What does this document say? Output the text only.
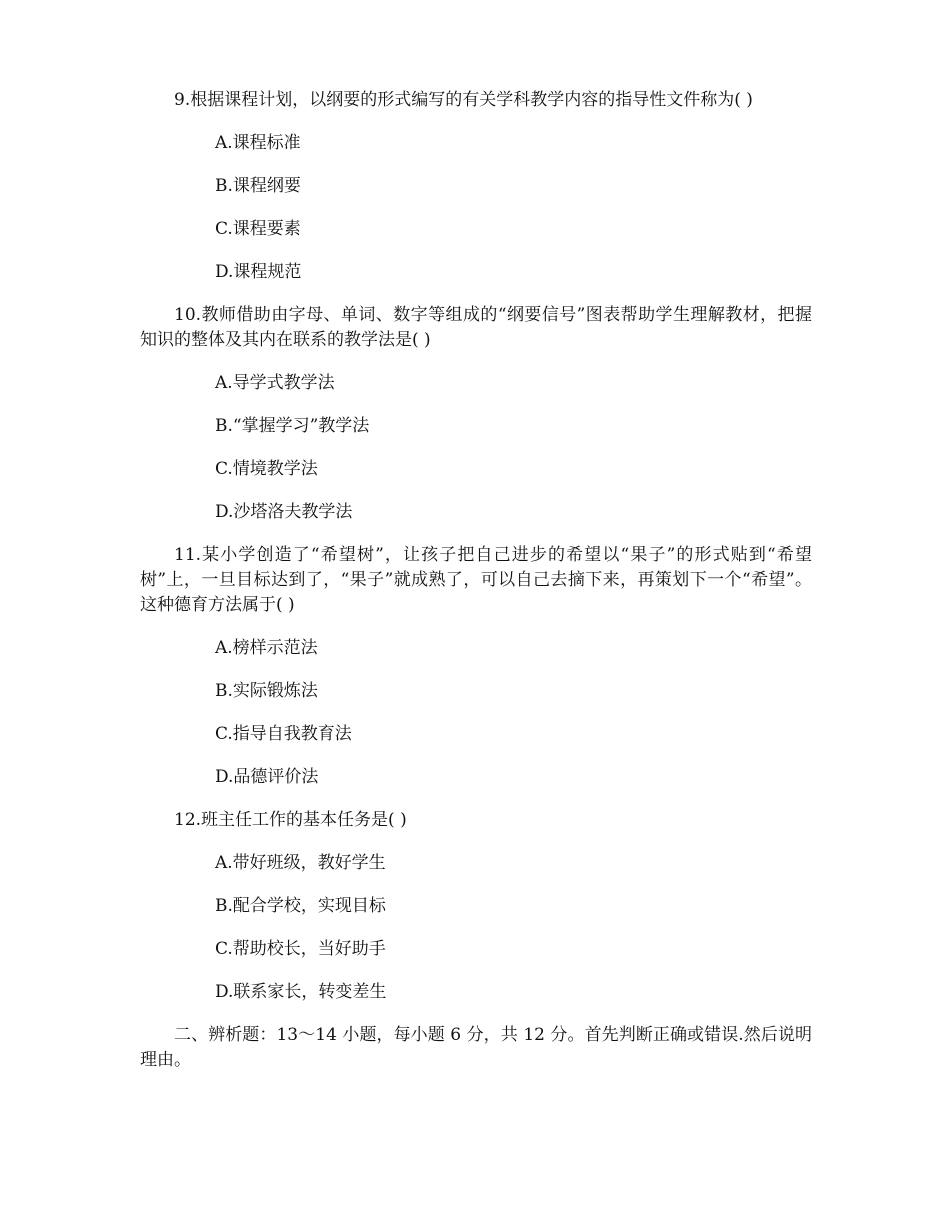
9.根据课程计划，以纲要的形式编写的有关学科教学内容的指导性文件称为( )

A.课程标准

B.课程纲要

C.课程要素

D.课程规范

10.教师借助由字母、单词、数字等组成的“纲要信号”图表帮助学生理解教材，把握知识的整体及其内在联系的教学法是( )

A.导学式教学法

B.“掌握学习”教学法

C.情境教学法

D.沙塔洛夫教学法

11.某小学创造了“希望树”，让孩子把自己进步的希望以“果子”的形式贴到“希望树”上，一旦目标达到了，“果子”就成熟了，可以自己去摘下来，再策划下一个“希望”。这种德育方法属于( )

A.榜样示范法

B.实际锻炼法

C.指导自我教育法

D.品德评价法

12.班主任工作的基本任务是( )

A.带好班级，教好学生

B.配合学校，实现目标

C.帮助校长，当好助手

D.联系家长，转变差生

二、辨析题：13～14 小题，每小题 6 分，共 12 分。首先判断正确或错误.然后说明理由。
